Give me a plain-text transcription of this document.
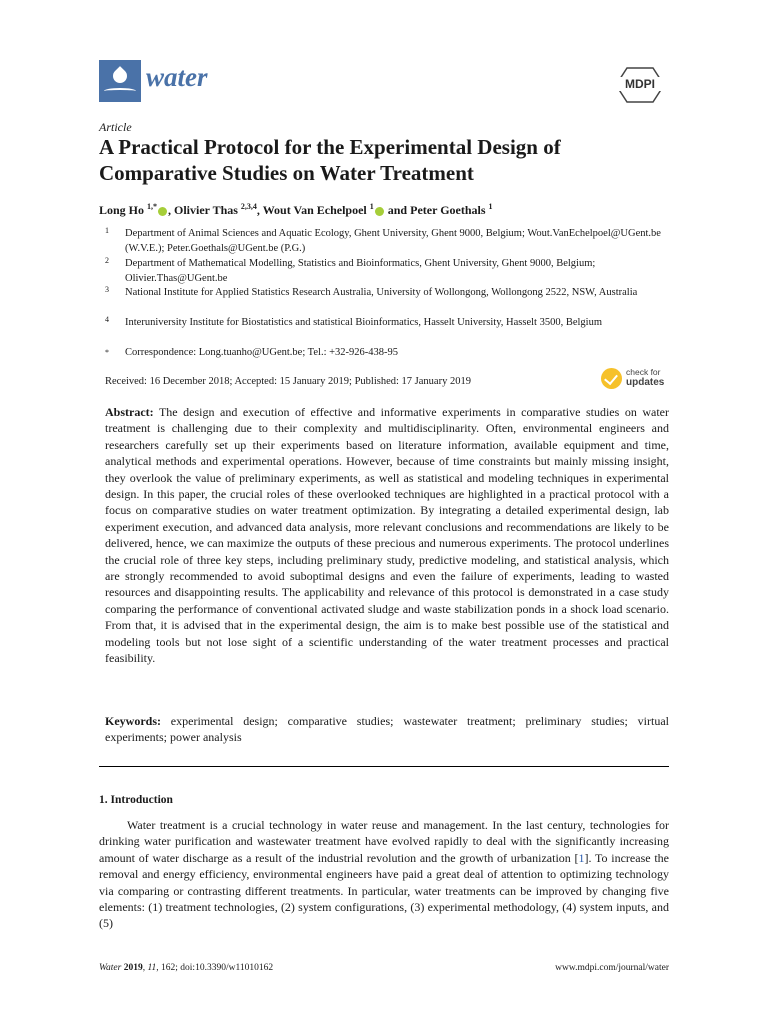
water	MDPI
Article
A Practical Protocol for the Experimental Design of Comparative Studies on Water Treatment
Long Ho $^{1,*}$ , Olivier Thas $^{2,3,4}$, Wout Van Echelpoel $^1$ and Peter Goethals $^1$
1 Department of Animal Sciences and Aquatic Ecology, Ghent University, Ghent 9000, Belgium; Wout.VanEchelpoel@UGent.be (W.V.E.); Peter.Goethals@UGent.be (P.G.)
2 Department of Mathematical Modelling, Statistics and Bioinformatics, Ghent University, Ghent 9000, Belgium; Olivier.Thas@UGent.be
3 National Institute for Applied Statistics Research Australia, University of Wollongong, Wollongong 2522, NSW, Australia
4 Interuniversity Institute for Biostatistics and statistical Bioinformatics, Hasselt University, Hasselt 3500, Belgium
* Correspondence: Long.tuanho@UGent.be; Tel.: +32-926-438-95
Received: 16 December 2018; Accepted: 15 January 2019; Published: 17 January 2019
check for
updates

Abstract: The design and execution of effective and informative experiments in comparative studies on water treatment is challenging due to their complexity and multidisciplinarity. Often, environmental engineers and researchers carefully set up their experiments based on literature information, available equipment and time, analytical methods and experimental operations. However, because of time constraints but mainly missing insight, they overlook the value of preliminary experiments, as well as statistical and modeling techniques in experimental design. In this paper, the crucial roles of these overlooked techniques are highlighted in a practical protocol with a focus on comparative studies on water treatment optimization. By integrating a detailed experimental design, lab experiment execution, and advanced data analysis, more relevant conclusions and recommendations are likely to be delivered, hence, we can maximize the outputs of these precious and numerous experiments. The protocol underlines the crucial role of three key steps, including preliminary study, predictive modeling, and statistical analysis, which are strongly recommended to avoid suboptimal designs and even the failure of experiments, leading to wasted resources and disappointing results. The applicability and relevance of this protocol is demonstrated in a case study comparing the performance of conventional activated sludge and waste stabilization ponds in a shock load scenario. From that, it is advised that in the experimental design, the aim is to make best possible use of the statistical and modeling tools but not lose sight of a scientific understanding of the water treatment processes and practical feasibility.

Keywords: experimental design; comparative studies; wastewater treatment; preliminary studies; virtual experiments; power analysis

1. Introduction

Water treatment is a crucial technology in water reuse and management. In the last century, technologies for drinking water purification and wastewater treatment have evolved rapidly to deal with the significantly increasing amount of water discharge as a result of the industrial revolution and the growth of urbanization [1]. To increase the removal and energy efficiency, environmental engineers have paid a great deal of attention to optimizing technology via comparing or contrasting different treatments. In particular, water treatments can be improved by changing five elements: (1) treatment technologies, (2) system configurations, (3) experimental methodology, (4) system inputs, and (5)

Water 2019, 11, 162; doi:10.3390/w11010162	www.mdpi.com/journal/water
